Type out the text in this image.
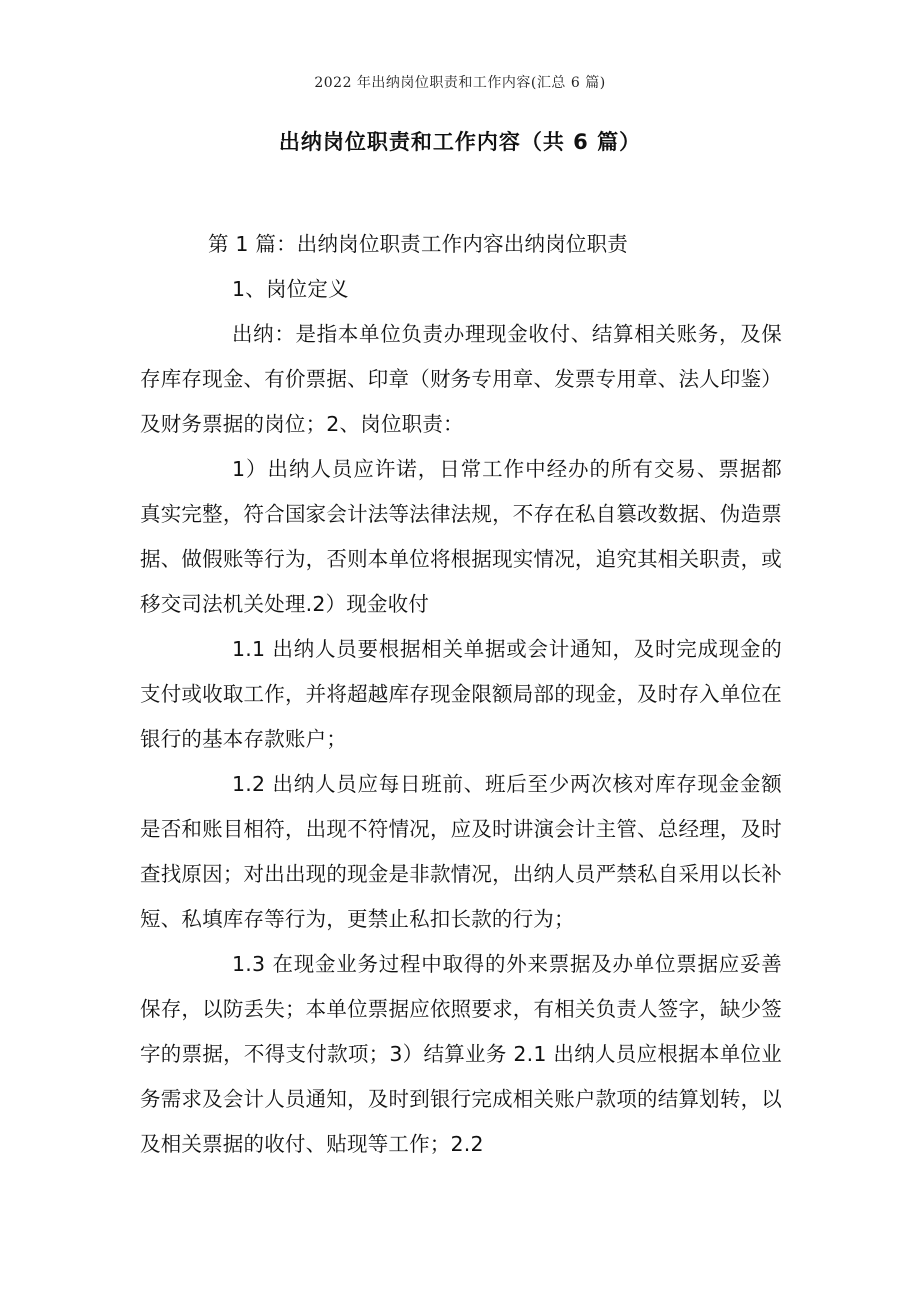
2022 年出纳岗位职责和工作内容(汇总 6 篇)
出纳岗位职责和工作内容（共 6 篇）

第 1 篇：出纳岗位职责工作内容出纳岗位职责

1、岗位定义

出纳：是指本单位负责办理现金收付、结算相关账务，及保存库存现金、有价票据、印章（财务专用章、发票专用章、法人印鉴）及财务票据的岗位；2、岗位职责：

1）出纳人员应许诺，日常工作中经办的所有交易、票据都真实完整，符合国家会计法等法律法规，不存在私自篡改数据、伪造票据、做假账等行为，否则本单位将根据现实情况，追究其相关职责，或移交司法机关处理.2）现金收付

1.1 出纳人员要根据相关单据或会计通知，及时完成现金的支付或收取工作，并将超越库存现金限额局部的现金，及时存入单位在银行的基本存款账户；

1.2 出纳人员应每日班前、班后至少两次核对库存现金金额是否和账目相符，出现不符情况，应及时讲演会计主管、总经理，及时查找原因；对出出现的现金是非款情况，出纳人员严禁私自采用以长补短、私填库存等行为，更禁止私扣长款的行为；

1.3 在现金业务过程中取得的外来票据及办单位票据应妥善保存，以防丢失；本单位票据应依照要求，有相关负责人签字，缺少签字的票据，不得支付款项；3）结算业务 2.1 出纳人员应根据本单位业务需求及会计人员通知，及时到银行完成相关账户款项的结算划转，以及相关票据的收付、贴现等工作；2.2
